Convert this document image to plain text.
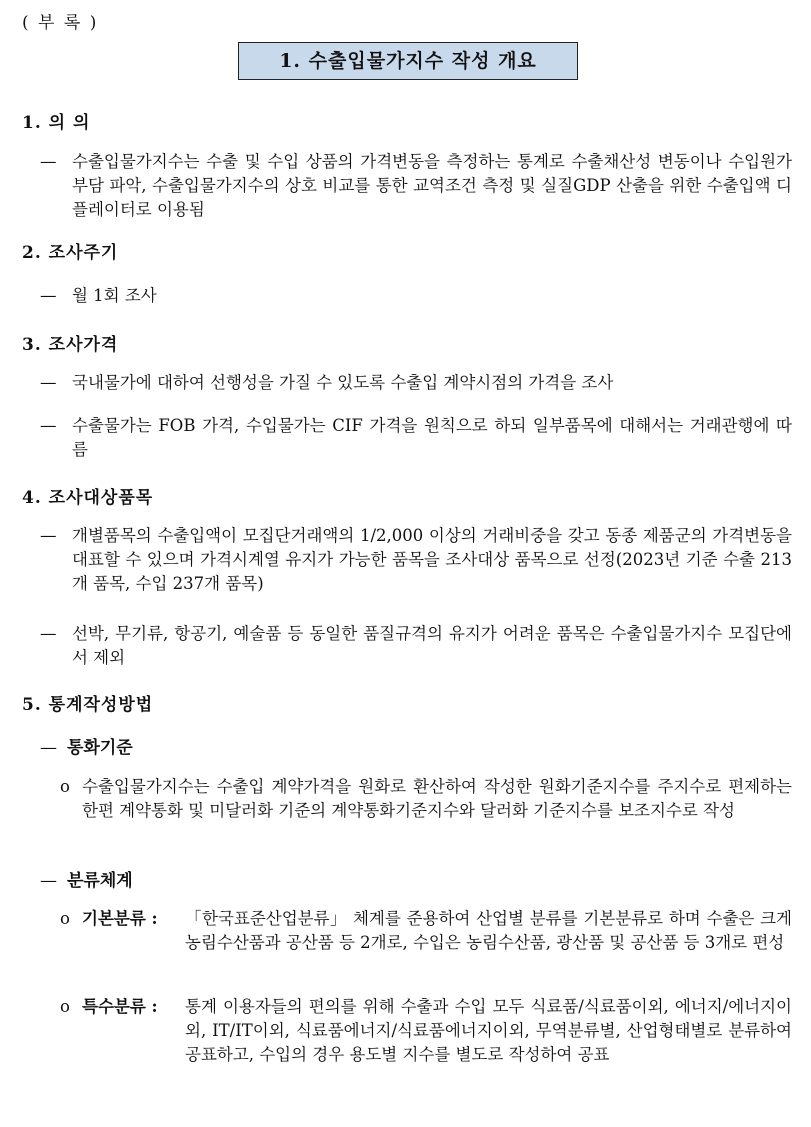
( 부 록 )
1. 수출입물가지수 작성 개요
1. 의 의
— 수출입물가지수는 수출 및 수입 상품의 가격변동을 측정하는 통계로 수출채산성 변동이나 수입원가 부담 파악, 수출입물가지수의 상호 비교를 통한 교역조건 측정 및 실질GDP 산출을 위한 수출입액 디플레이터로 이용됨
2. 조사주기
— 월 1회 조사
3. 조사가격
— 국내물가에 대하여 선행성을 가질 수 있도록 수출입 계약시점의 가격을 조사
— 수출물가는 FOB 가격, 수입물가는 CIF 가격을 원칙으로 하되 일부품목에 대해서는 거래관행에 따름
4. 조사대상품목
— 개별품목의 수출입액이 모집단거래액의 1/2,000 이상의 거래비중을 갖고 동종 제품군의 가격변동을 대표할 수 있으며 가격시계열 유지가 가능한 품목을 조사대상 품목으로 선정(2023년 기준 수출 213개 품목, 수입 237개 품목)
— 선박, 무기류, 항공기, 예술품 등 동일한 품질규격의 유지가 어려운 품목은 수출입물가지수 모집단에서 제외
5. 통계작성방법
— 통화기준
o 수출입물가지수는 수출입 계약가격을 원화로 환산하여 작성한 원화기준지수를 주지수로 편제하는 한편 계약통화 및 미달러화 기준의 계약통화기준지수와 달러화 기준지수를 보조지수로 작성
— 분류체계
o 기본분류 : 「한국표준산업분류」 체계를 준용하여 산업별 분류를 기본분류로 하며 수출은 크게 농림수산품과 공산품 등 2개로, 수입은 농림수산품, 광산품 및 공산품 등 3개로 편성
o 특수분류 : 통계 이용자들의 편의를 위해 수출과 수입 모두 식료품/식료품이외, 에너지/에너지이외, IT/IT이외, 식료품에너지/식료품에너지이외, 무역분류별, 산업형태별로 분류하여 공표하고, 수입의 경우 용도별 지수를 별도로 작성하여 공표
